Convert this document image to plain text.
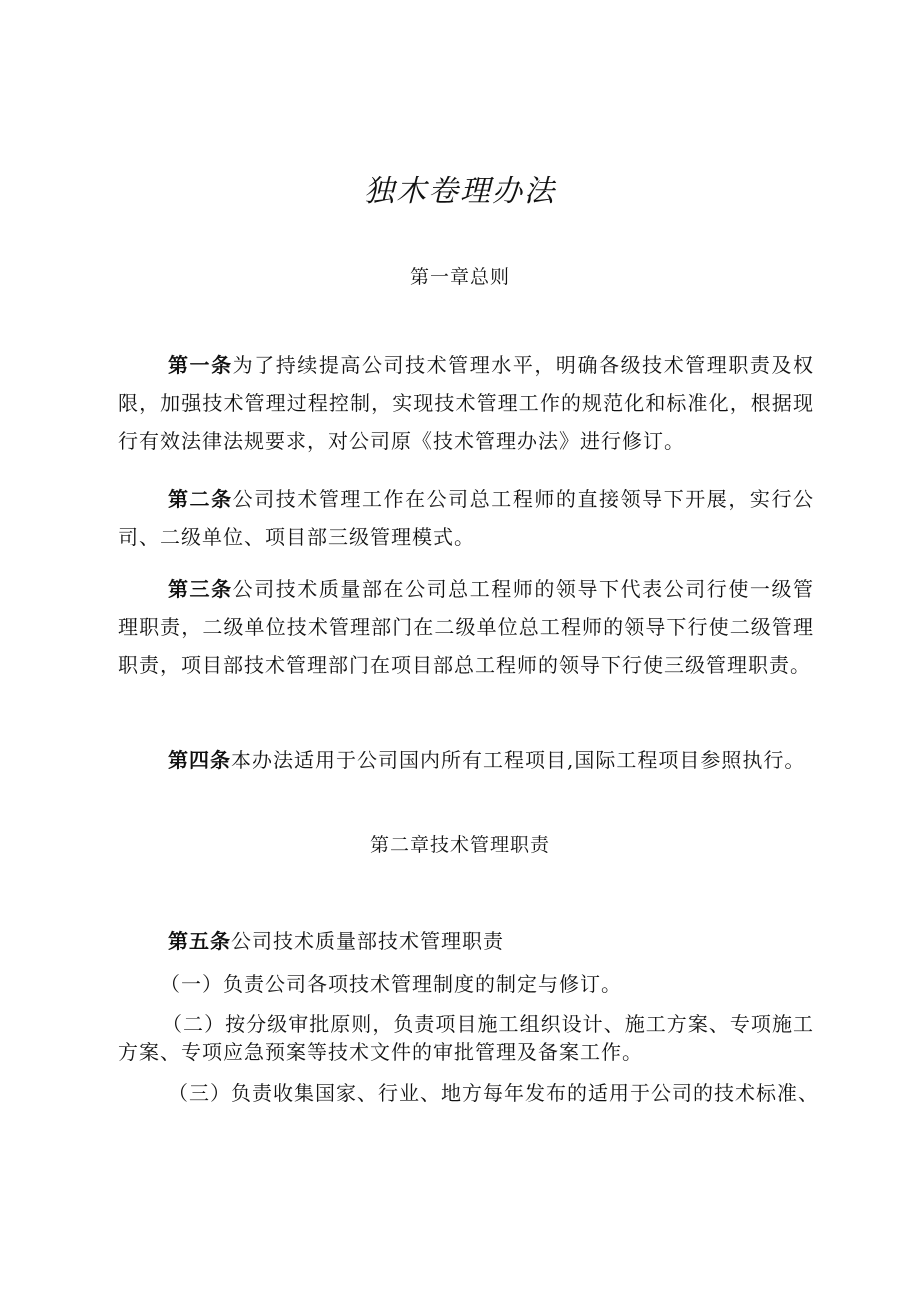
独木卷理办法
第一章总则
第一条为了持续提高公司技术管理水平，明确各级技术管理职责及权限，加强技术管理过程控制，实现技术管理工作的规范化和标准化，根据现行有效法律法规要求，对公司原《技术管理办法》进行修订。
第二条公司技术管理工作在公司总工程师的直接领导下开展，实行公司、二级单位、项目部三级管理模式。
第三条公司技术质量部在公司总工程师的领导下代表公司行使一级管理职责，二级单位技术管理部门在二级单位总工程师的领导下行使二级管理职责，项目部技术管理部门在项目部总工程师的领导下行使三级管理职责。
第四条本办法适用于公司国内所有工程项目,国际工程项目参照执行。
第二章技术管理职责
第五条公司技术质量部技术管理职责
（一）负责公司各项技术管理制度的制定与修订。
（二）按分级审批原则，负责项目施工组织设计、施工方案、专项施工方案、专项应急预案等技术文件的审批管理及备案工作。
（三）负责收集国家、行业、地方每年发布的适用于公司的技术标准、
